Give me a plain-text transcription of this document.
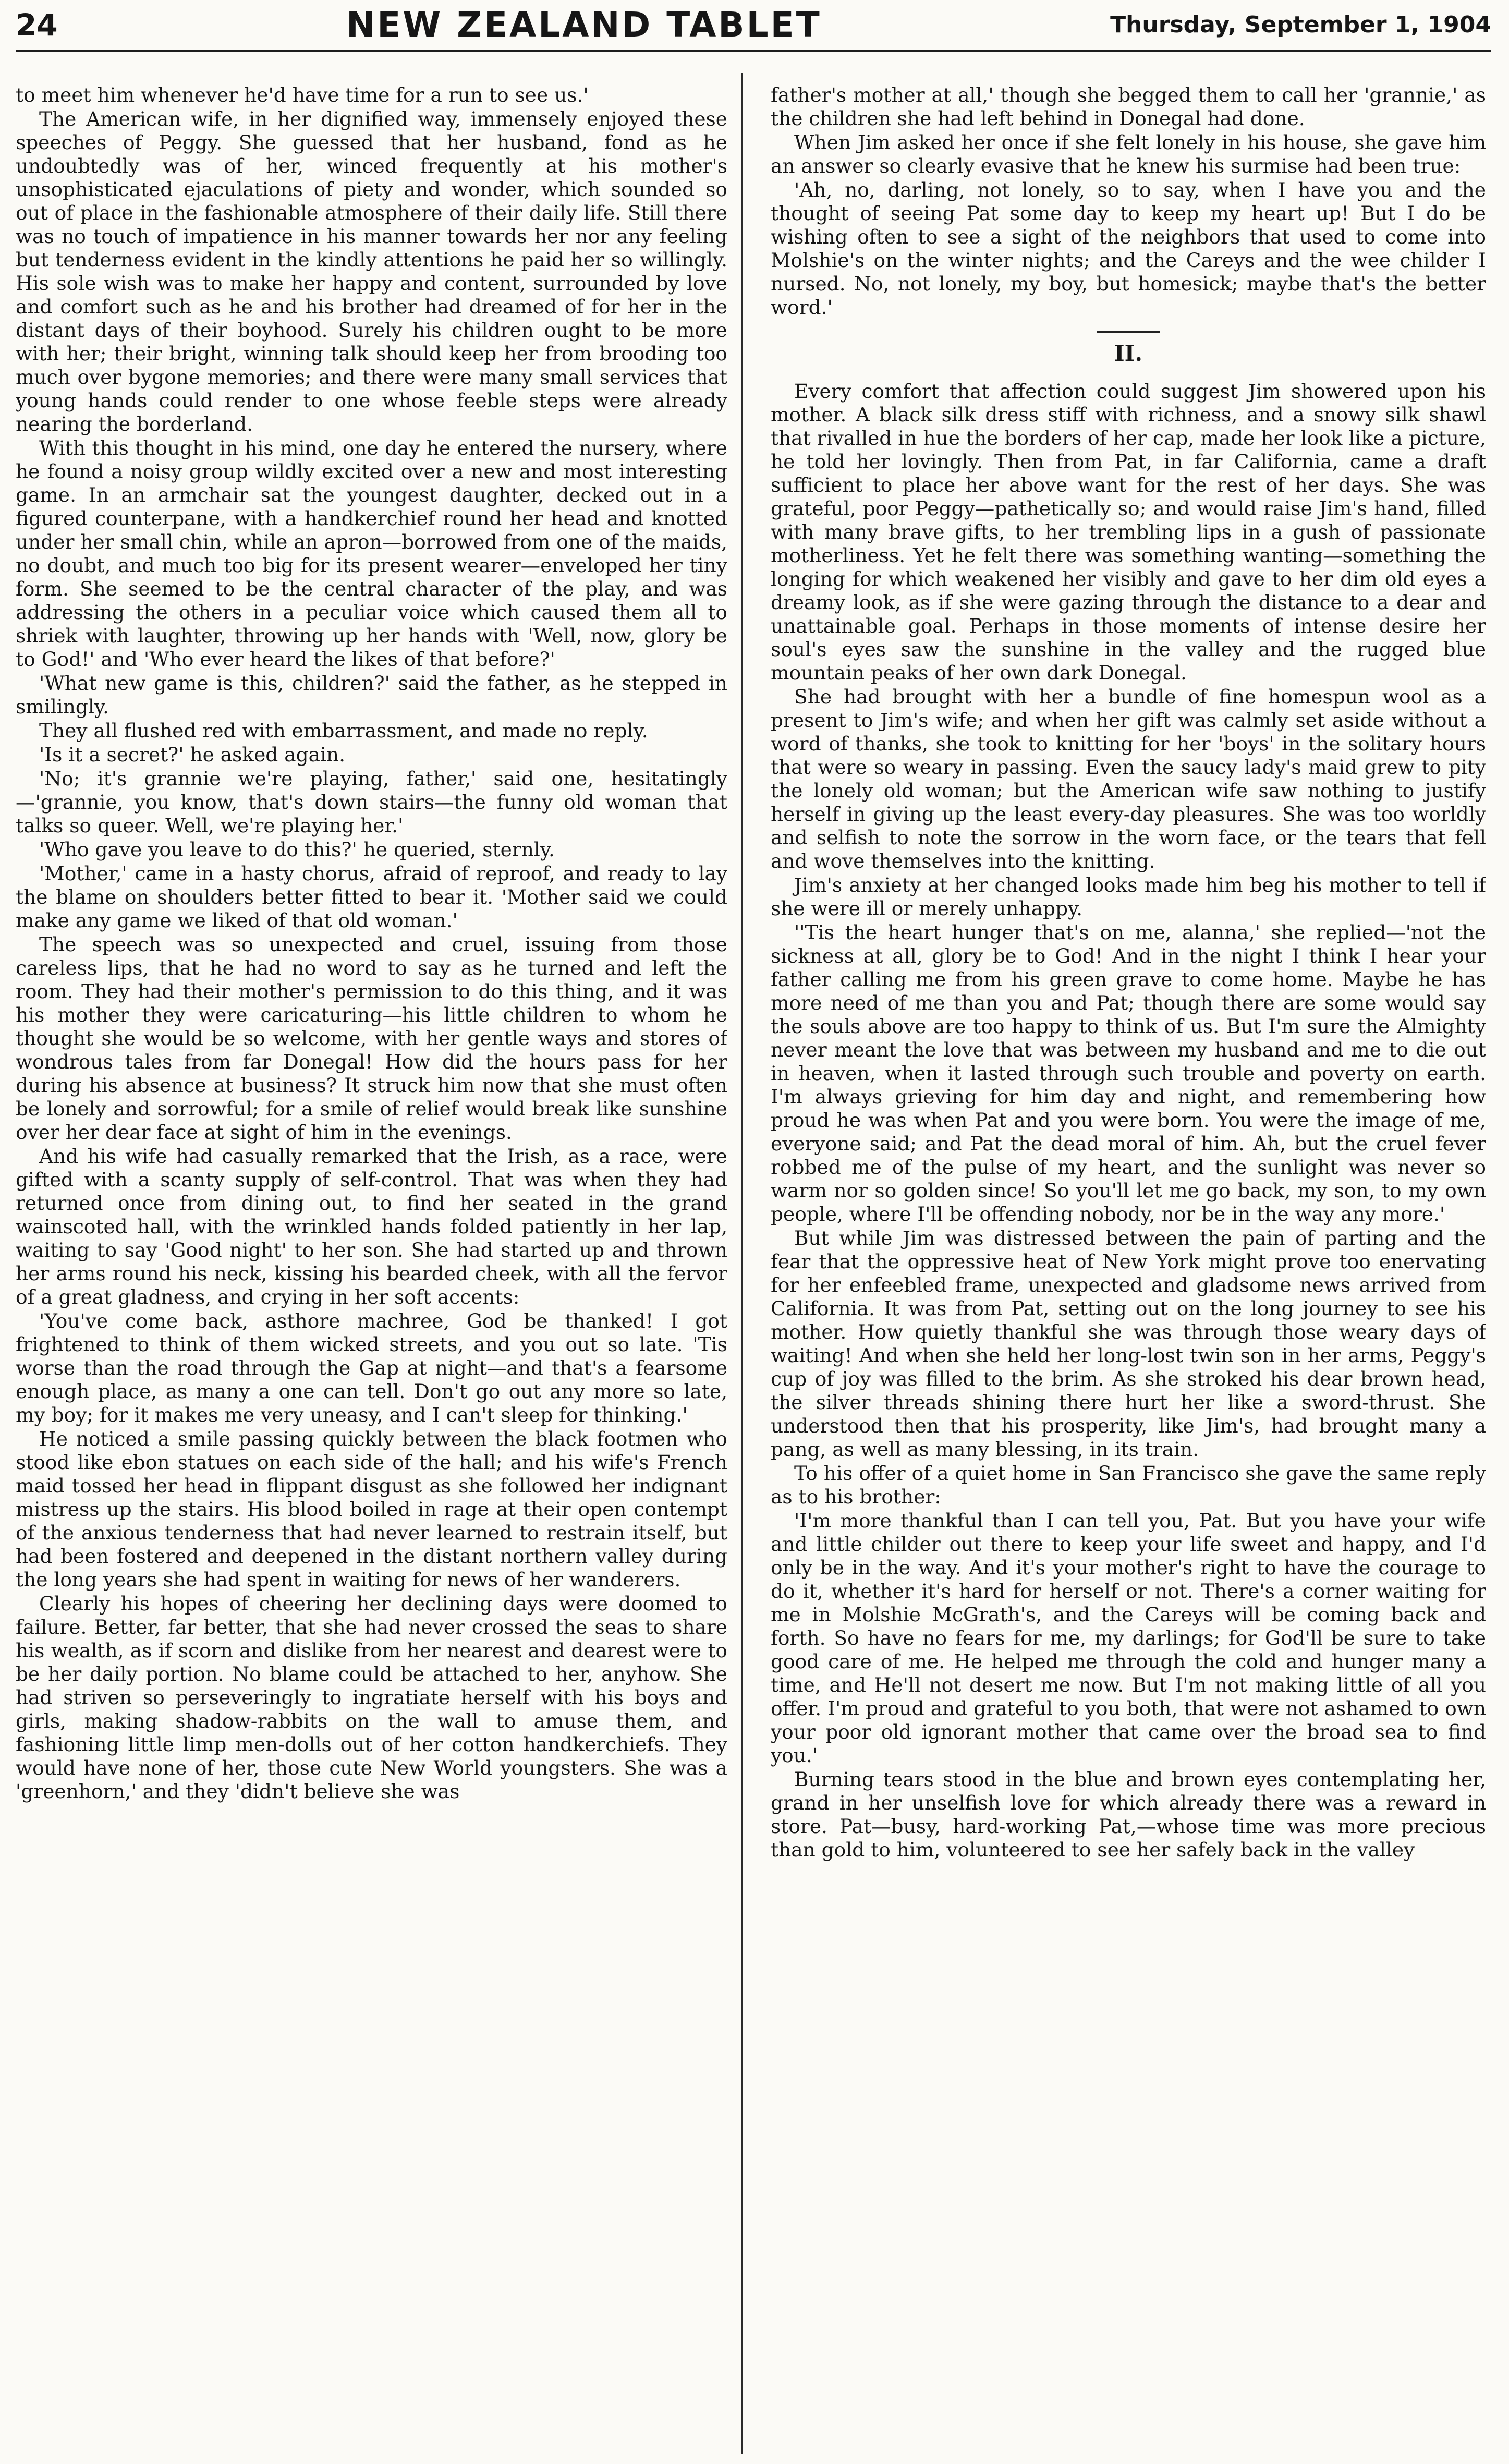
24	NEW ZEALAND TABLET	Thursday, September 1, 1904

to meet him whenever he'd have time for a run to see us.'

The American wife, in her dignified way, immensely enjoyed these speeches of Peggy. She guessed that her husband, fond as he undoubtedly was of her, winced frequently at his mother's unsophisticated ejaculations of piety and wonder, which sounded so out of place in the fashionable atmosphere of their daily life. Still there was no touch of impatience in his manner towards her nor any feeling but tenderness evident in the kindly attentions he paid her so willingly. His sole wish was to make her happy and content, surrounded by love and comfort such as he and his brother had dreamed of for her in the distant days of their boyhood. Surely his children ought to be more with her; their bright, winning talk should keep her from brooding too much over bygone memories; and there were many small services that young hands could render to one whose feeble steps were already nearing the borderland.

With this thought in his mind, one day he entered the nursery, where he found a noisy group wildly excited over a new and most interesting game. In an armchair sat the youngest daughter, decked out in a figured counterpane, with a handkerchief round her head and knotted under her small chin, while an apron—borrowed from one of the maids, no doubt, and much too big for its present wearer—enveloped her tiny form. She seemed to be the central character of the play, and was addressing the others in a peculiar voice which caused them all to shriek with laughter, throwing up her hands with 'Well, now, glory be to God!' and 'Who ever heard the likes of that before?'

'What new game is this, children?' said the father, as he stepped in smilingly.

They all flushed red with embarrassment, and made no reply.

'Is it a secret?' he asked again.

'No; it's grannie we're playing, father,' said one, hesitatingly—'grannie, you know, that's down stairs—the funny old woman that talks so queer. Well, we're playing her.'

'Who gave you leave to do this?' he queried, sternly.

'Mother,' came in a hasty chorus, afraid of reproof, and ready to lay the blame on shoulders better fitted to bear it. 'Mother said we could make any game we liked of that old woman.'

The speech was so unexpected and cruel, issuing from those careless lips, that he had no word to say as he turned and left the room. They had their mother's permission to do this thing, and it was his mother they were caricaturing—his little children to whom he thought she would be so welcome, with her gentle ways and stores of wondrous tales from far Donegal! How did the hours pass for her during his absence at business? It struck him now that she must often be lonely and sorrowful; for a smile of relief would break like sunshine over her dear face at sight of him in the evenings.

And his wife had casually remarked that the Irish, as a race, were gifted with a scanty supply of self-control. That was when they had returned once from dining out, to find her seated in the grand wainscoted hall, with the wrinkled hands folded patiently in her lap, waiting to say 'Good night' to her son. She had started up and thrown her arms round his neck, kissing his bearded cheek, with all the fervor of a great gladness, and crying in her soft accents:

'You've come back, asthore machree, God be thanked! I got frightened to think of them wicked streets, and you out so late. 'Tis worse than the road through the Gap at night—and that's a fearsome enough place, as many a one can tell. Don't go out any more so late, my boy; for it makes me very uneasy, and I can't sleep for thinking.'

He noticed a smile passing quickly between the black footmen who stood like ebon statues on each side of the hall; and his wife's French maid tossed her head in flippant disgust as she followed her indignant mistress up the stairs. His blood boiled in rage at their open contempt of the anxious tenderness that had never learned to restrain itself, but had been fostered and deepened in the distant northern valley during the long years she had spent in waiting for news of her wanderers.

Clearly his hopes of cheering her declining days were doomed to failure. Better, far better, that she had never crossed the seas to share his wealth, as if scorn and dislike from her nearest and dearest were to be her daily portion. No blame could be attached to her, anyhow. She had striven so perseveringly to ingratiate herself with his boys and girls, making shadow-rabbits on the wall to amuse them, and fashioning little limp men-dolls out of her cotton handkerchiefs. They would have none of her, those cute New World youngsters. She was a 'greenhorn,' and they 'didn't believe she was

father's mother at all,' though she begged them to call her 'grannie,' as the children she had left behind in Donegal had done.

When Jim asked her once if she felt lonely in his house, she gave him an answer so clearly evasive that he knew his surmise had been true:

'Ah, no, darling, not lonely, so to say, when I have you and the thought of seeing Pat some day to keep my heart up! But I do be wishing often to see a sight of the neighbors that used to come into Molshie's on the winter nights; and the Careys and the wee childer I nursed. No, not lonely, my boy, but homesick; maybe that's the better word.'

II.

Every comfort that affection could suggest Jim showered upon his mother. A black silk dress stiff with richness, and a snowy silk shawl that rivalled in hue the borders of her cap, made her look like a picture, he told her lovingly. Then from Pat, in far California, came a draft sufficient to place her above want for the rest of her days. She was grateful, poor Peggy—pathetically so; and would raise Jim's hand, filled with many brave gifts, to her trembling lips in a gush of passionate motherliness. Yet he felt there was something wanting—something the longing for which weakened her visibly and gave to her dim old eyes a dreamy look, as if she were gazing through the distance to a dear and unattainable goal. Perhaps in those moments of intense desire her soul's eyes saw the sunshine in the valley and the rugged blue mountain peaks of her own dark Donegal.

She had brought with her a bundle of fine homespun wool as a present to Jim's wife; and when her gift was calmly set aside without a word of thanks, she took to knitting for her 'boys' in the solitary hours that were so weary in passing. Even the saucy lady's maid grew to pity the lonely old woman; but the American wife saw nothing to justify herself in giving up the least every-day pleasures. She was too worldly and selfish to note the sorrow in the worn face, or the tears that fell and wove themselves into the knitting.

Jim's anxiety at her changed looks made him beg his mother to tell if she were ill or merely unhappy.

''Tis the heart hunger that's on me, alanna,' she replied—'not the sickness at all, glory be to God! And in the night I think I hear your father calling me from his green grave to come home. Maybe he has more need of me than you and Pat; though there are some would say the souls above are too happy to think of us. But I'm sure the Almighty never meant the love that was between my husband and me to die out in heaven, when it lasted through such trouble and poverty on earth. I'm always grieving for him day and night, and remembering how proud he was when Pat and you were born. You were the image of me, everyone said; and Pat the dead moral of him. Ah, but the cruel fever robbed me of the pulse of my heart, and the sunlight was never so warm nor so golden since! So you'll let me go back, my son, to my own people, where I'll be offending nobody, nor be in the way any more.'

But while Jim was distressed between the pain of parting and the fear that the oppressive heat of New York might prove too enervating for her enfeebled frame, unexpected and gladsome news arrived from California. It was from Pat, setting out on the long journey to see his mother. How quietly thankful she was through those weary days of waiting! And when she held her long-lost twin son in her arms, Peggy's cup of joy was filled to the brim. As she stroked his dear brown head, the silver threads shining there hurt her like a sword-thrust. She understood then that his prosperity, like Jim's, had brought many a pang, as well as many blessing, in its train.

To his offer of a quiet home in San Francisco she gave the same reply as to his brother:

'I'm more thankful than I can tell you, Pat. But you have your wife and little childer out there to keep your life sweet and happy, and I'd only be in the way. And it's your mother's right to have the courage to do it, whether it's hard for herself or not. There's a corner waiting for me in Molshie McGrath's, and the Careys will be coming back and forth. So have no fears for me, my darlings; for God'll be sure to take good care of me. He helped me through the cold and hunger many a time, and He'll not desert me now. But I'm not making little of all you offer. I'm proud and grateful to you both, that were not ashamed to own your poor old ignorant mother that came over the broad sea to find you.'

Burning tears stood in the blue and brown eyes contemplating her, grand in her unselfish love for which already there was a reward in store. Pat—busy, hard-working Pat,—whose time was more precious than gold to him, volunteered to see her safely back in the valley
